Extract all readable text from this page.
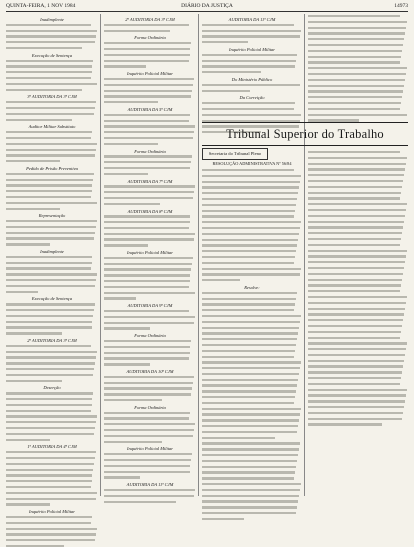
QUINTA-FEIRA, 1 NOV 1984	DIÁRIO DA JUSTIÇA	14973
Inadimplente
Execução de Sentença
3ª AUDITORIA DA 3ª CJM
Auditor Militar Substituto
Pedido de Prisão Preventiva
Representação
Inadimplente
Execução de Sentença
2ª AUDITORIA DA 3ª CJM
Deserção
1ª AUDITORIA DA 4ª CJM
Inquérito Policial Militar
2ª AUDITORIA DA 3ª CJM
Forma Ordinária
Inquérito Policial Militar
AUDITORIA DA 5ª CJM
Forma Ordinária
AUDITORIA DA 7ª CJM
AUDITORIA DA 8ª CJM
Inquérito Policial Militar
AUDITORIA DA 9ª CJM
Forma Ordinária
AUDITORIA DA 10ª CJM
Forma Ordinária
Inquérito Policial Militar
AUDITORIA DA 11ª CJM
AUDITORIA DA 11ª CJM
Inquérito Policial Militar
Do Ministério Público
Da Correição
Tribunal Superior do Trabalho
Secretaria do Tribunal Pleno
RESOLUÇÃO ADMINISTRATIVA Nº 56/84
Resolve:
